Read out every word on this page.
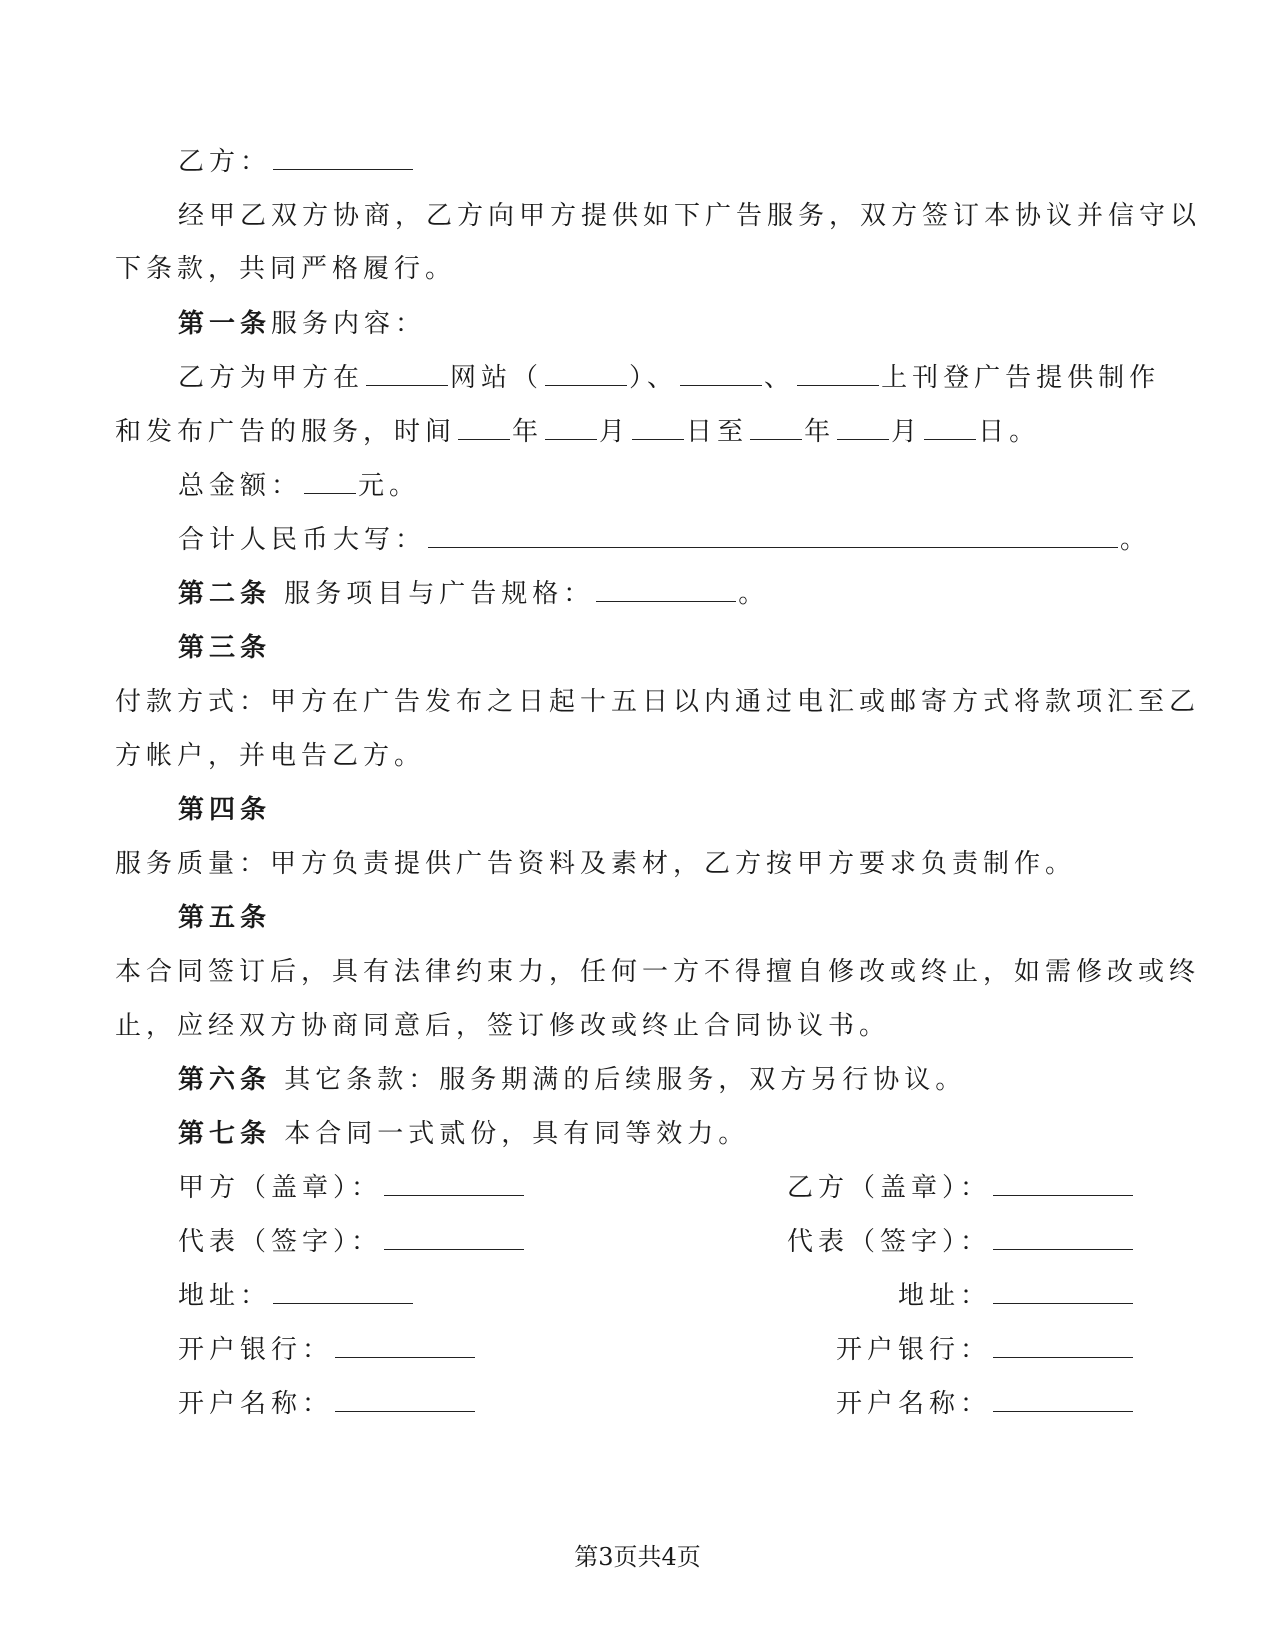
乙方：
经甲乙双方协商，乙方向甲方提供如下广告服务，双方签订本协议并信守以
下条款，共同严格履行。
第一条服务内容：
乙方为甲方在	网站（	）、	、	上刊登广告提供制作
和发布广告的服务，时间 年 月 日至 年 月 日。
总金额： 元。
合计人民币大写：	。
第二条 服务项目与广告规格：	。
第三条
付款方式：甲方在广告发布之日起十五日以内通过电汇或邮寄方式将款项汇至乙
方帐户，并电告乙方。
第四条
服务质量：甲方负责提供广告资料及素材，乙方按甲方要求负责制作。
第五条
本合同签订后，具有法律约束力，任何一方不得擅自修改或终止，如需修改或终
止，应经双方协商同意后，签订修改或终止合同协议书。
第六条 其它条款：服务期满的后续服务，双方另行协议。
第七条 本合同一式贰份，具有同等效力。
甲方（盖章）：	乙方（盖章）：
代表（签字）：	代表（签字）：
地址：	地址：
开户银行：	开户银行：
开户名称：	开户名称：
第3页共4页
